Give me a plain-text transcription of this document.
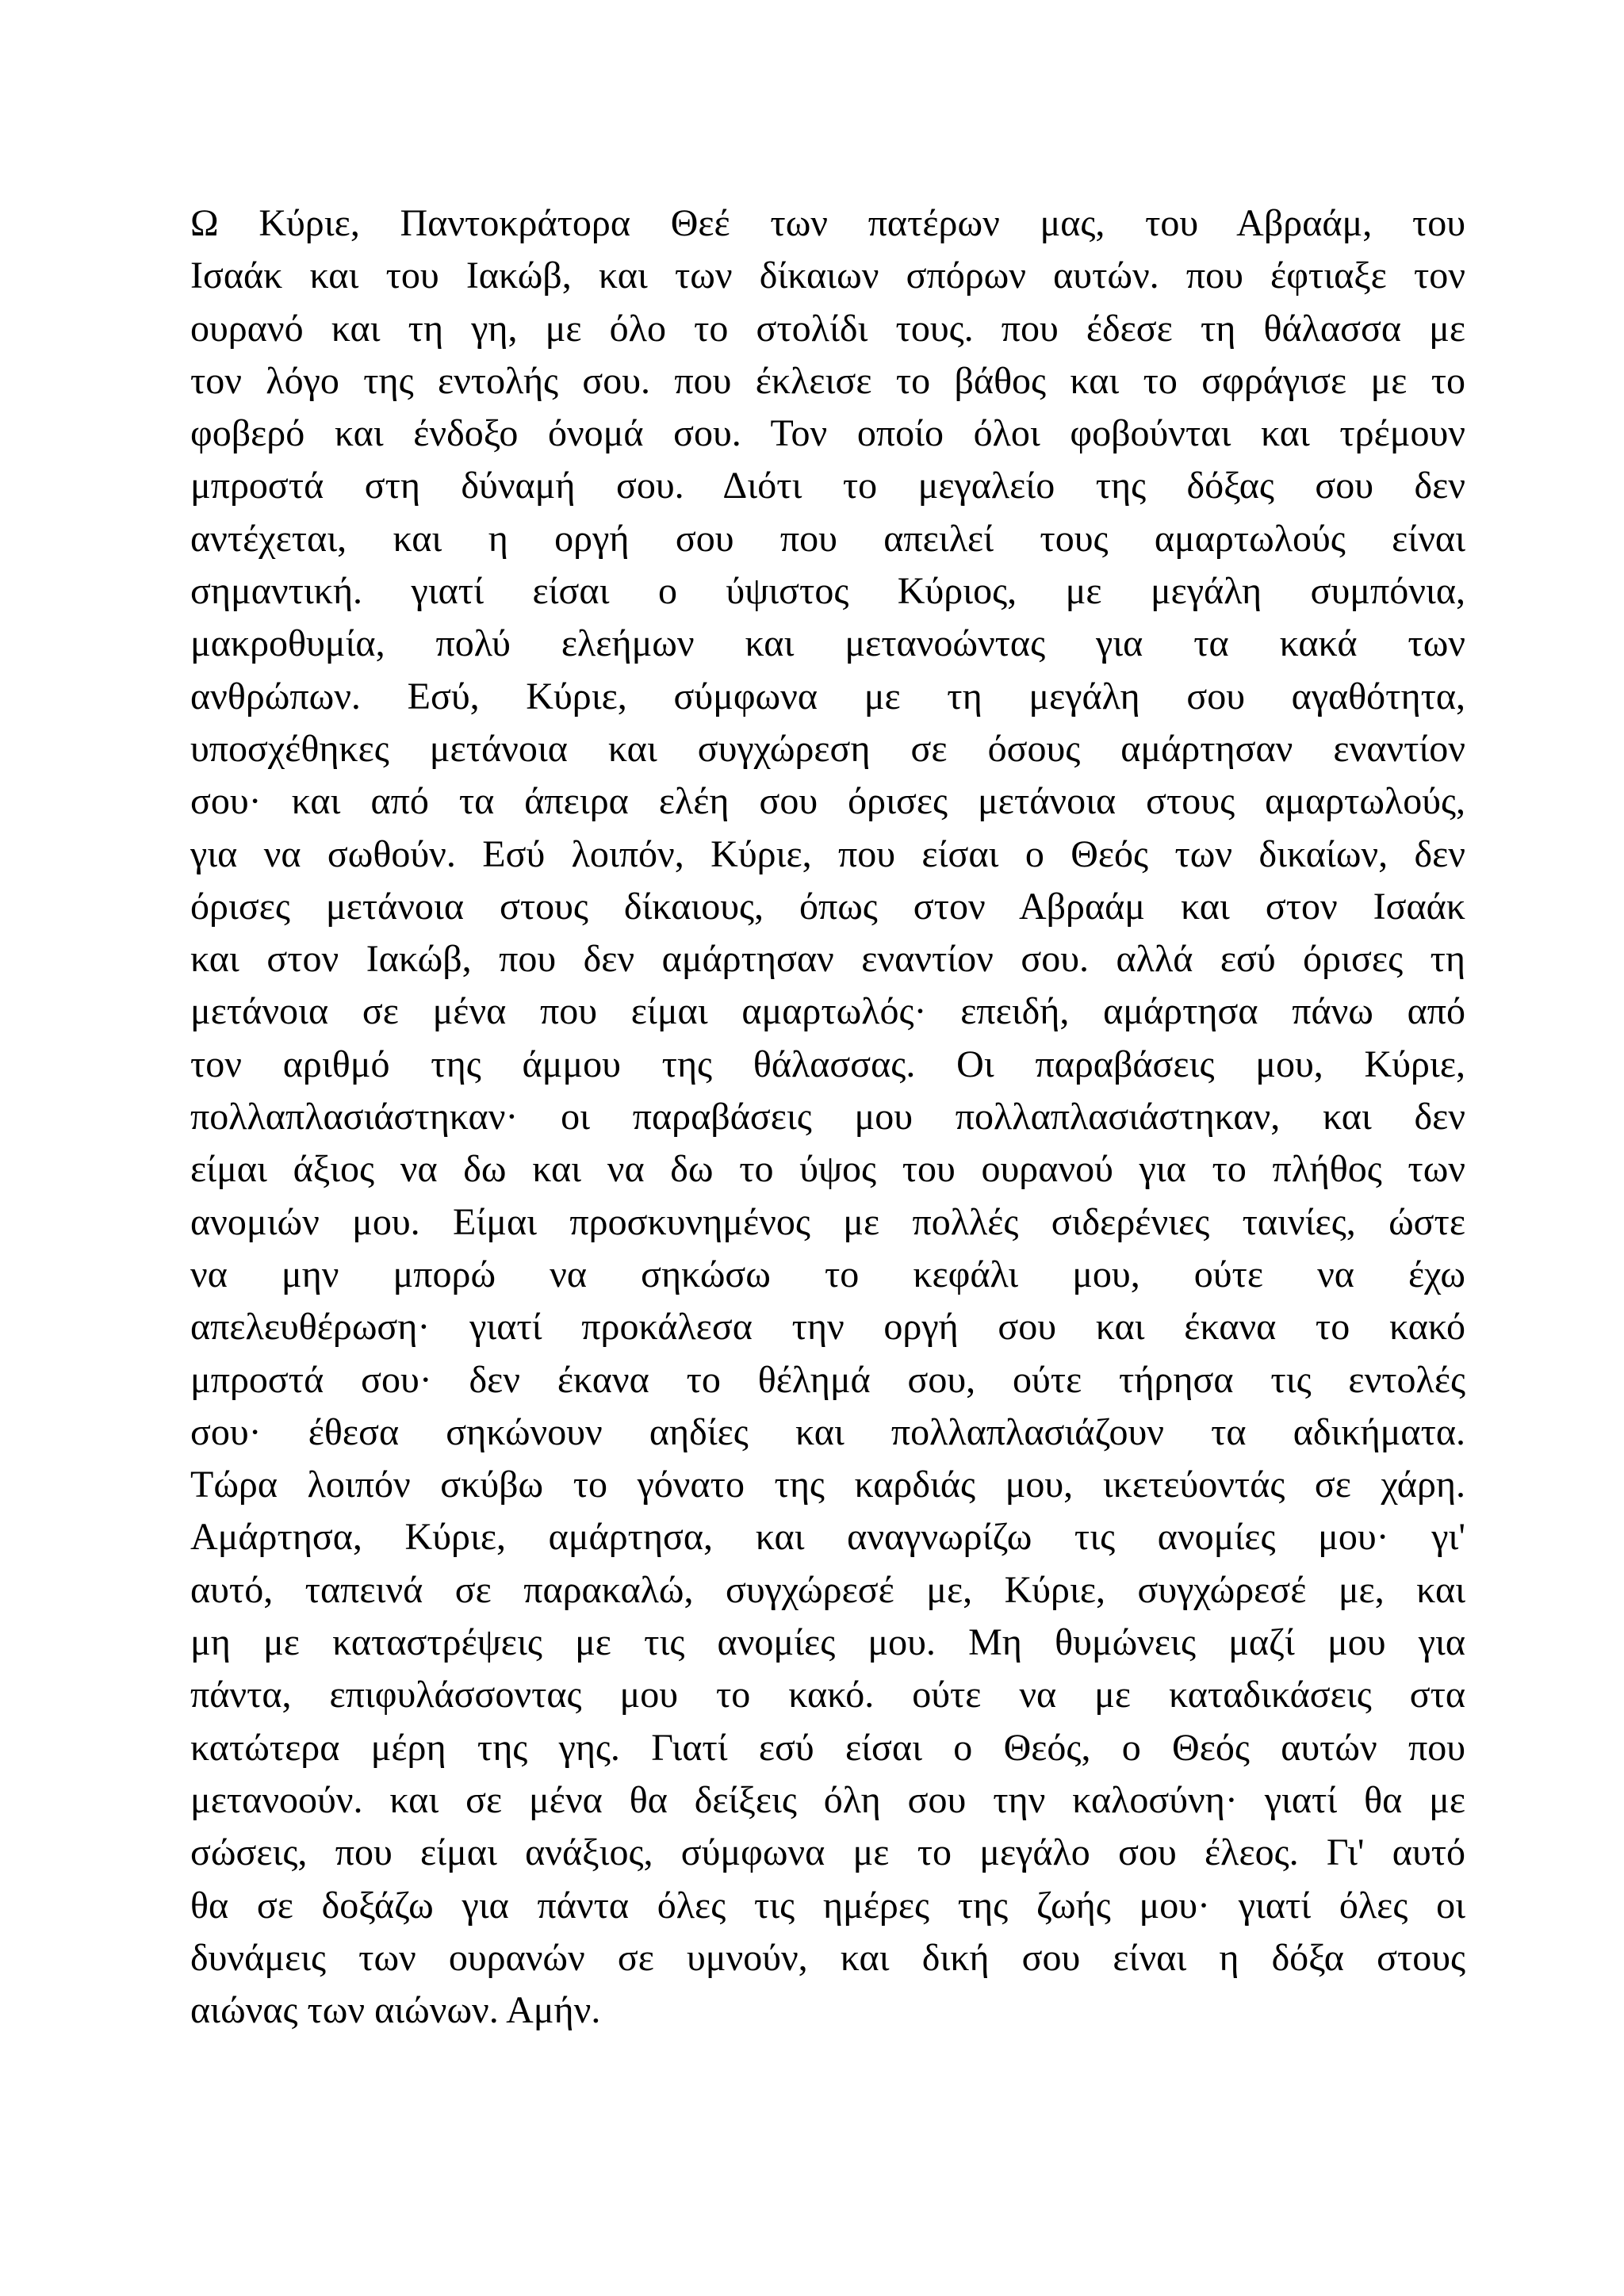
Ω Κύριε, Παντοκράτορα Θεέ των πατέρων μας, του Αβραάμ, του
Ισαάκ και του Ιακώβ, και των δίκαιων σπόρων αυτών. που έφτιαξε τον
ουρανό και τη γη, με όλο το στολίδι τους. που έδεσε τη θάλασσα με
τον λόγο της εντολής σου. που έκλεισε το βάθος και το σφράγισε με το
φοβερό και ένδοξο όνομά σου. Τον οποίο όλοι φοβούνται και τρέμουν
μπροστά στη δύναμή σου. Διότι το μεγαλείο της δόξας σου δεν
αντέχεται, και η οργή σου που απειλεί τους αμαρτωλούς είναι
σημαντική. γιατί είσαι ο ύψιστος Κύριος, με μεγάλη συμπόνια,
μακροθυμία, πολύ ελεήμων και μετανοώντας για τα κακά των
ανθρώπων. Εσύ, Κύριε, σύμφωνα με τη μεγάλη σου αγαθότητα,
υποσχέθηκες μετάνοια και συγχώρεση σε όσους αμάρτησαν εναντίον
σου· και από τα άπειρα ελέη σου όρισες μετάνοια στους αμαρτωλούς,
για να σωθούν. Εσύ λοιπόν, Κύριε, που είσαι ο Θεός των δικαίων, δεν
όρισες μετάνοια στους δίκαιους, όπως στον Αβραάμ και στον Ισαάκ
και στον Ιακώβ, που δεν αμάρτησαν εναντίον σου. αλλά εσύ όρισες τη
μετάνοια σε μένα που είμαι αμαρτωλός· επειδή, αμάρτησα πάνω από
τον αριθμό της άμμου της θάλασσας. Οι παραβάσεις μου, Κύριε,
πολλαπλασιάστηκαν· οι παραβάσεις μου πολλαπλασιάστηκαν, και δεν
είμαι άξιος να δω και να δω το ύψος του ουρανού για το πλήθος των
ανομιών μου. Είμαι προσκυνημένος με πολλές σιδερένιες ταινίες, ώστε
να μην μπορώ να σηκώσω το κεφάλι μου, ούτε να έχω
απελευθέρωση· γιατί προκάλεσα την οργή σου και έκανα το κακό
μπροστά σου· δεν έκανα το θέλημά σου, ούτε τήρησα τις εντολές
σου· έθεσα σηκώνουν αηδίες και πολλαπλασιάζουν τα αδικήματα.
Τώρα λοιπόν σκύβω το γόνατο της καρδιάς μου, ικετεύοντάς σε χάρη.
Αμάρτησα, Κύριε, αμάρτησα, και αναγνωρίζω τις ανομίες μου· γι'
αυτό, ταπεινά σε παρακαλώ, συγχώρεσέ με, Κύριε, συγχώρεσέ με, και
μη με καταστρέψεις με τις ανομίες μου. Μη θυμώνεις μαζί μου για
πάντα, επιφυλάσσοντας μου το κακό. ούτε να με καταδικάσεις στα
κατώτερα μέρη της γης. Γιατί εσύ είσαι ο Θεός, ο Θεός αυτών που
μετανοούν. και σε μένα θα δείξεις όλη σου την καλοσύνη· γιατί θα με
σώσεις, που είμαι ανάξιος, σύμφωνα με το μεγάλο σου έλεος. Γι' αυτό
θα σε δοξάζω για πάντα όλες τις ημέρες της ζωής μου· γιατί όλες οι
δυνάμεις των ουρανών σε υμνούν, και δική σου είναι η δόξα στους
αιώνας των αιώνων. Αμήν.
